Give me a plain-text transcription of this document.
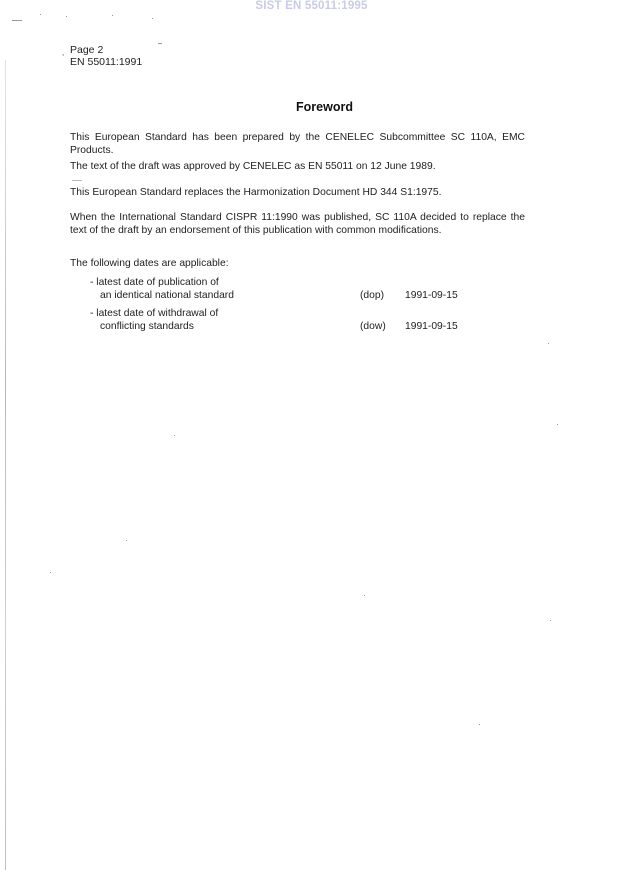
SIST EN 55011:1995
, Page 2
EN 55011:1991
Foreword
This European Standard has been prepared by the CENELEC Subcommittee SC 110A, EMC Products.
The text of the draft was approved by CENELEC as EN 55011 on 12 June 1989.
This European Standard replaces the Harmonization Document HD 344 S1:1975.
When the International Standard CISPR 11:1990 was published, SC 110A decided to replace the text of the draft by an endorsement of this publication with common modifications.
The following dates are applicable:
- latest date of publication of
an identical national standard	(dop) 1991-09-15
- latest date of withdrawal of
conflicting standards	(dow) 1991-09-15
